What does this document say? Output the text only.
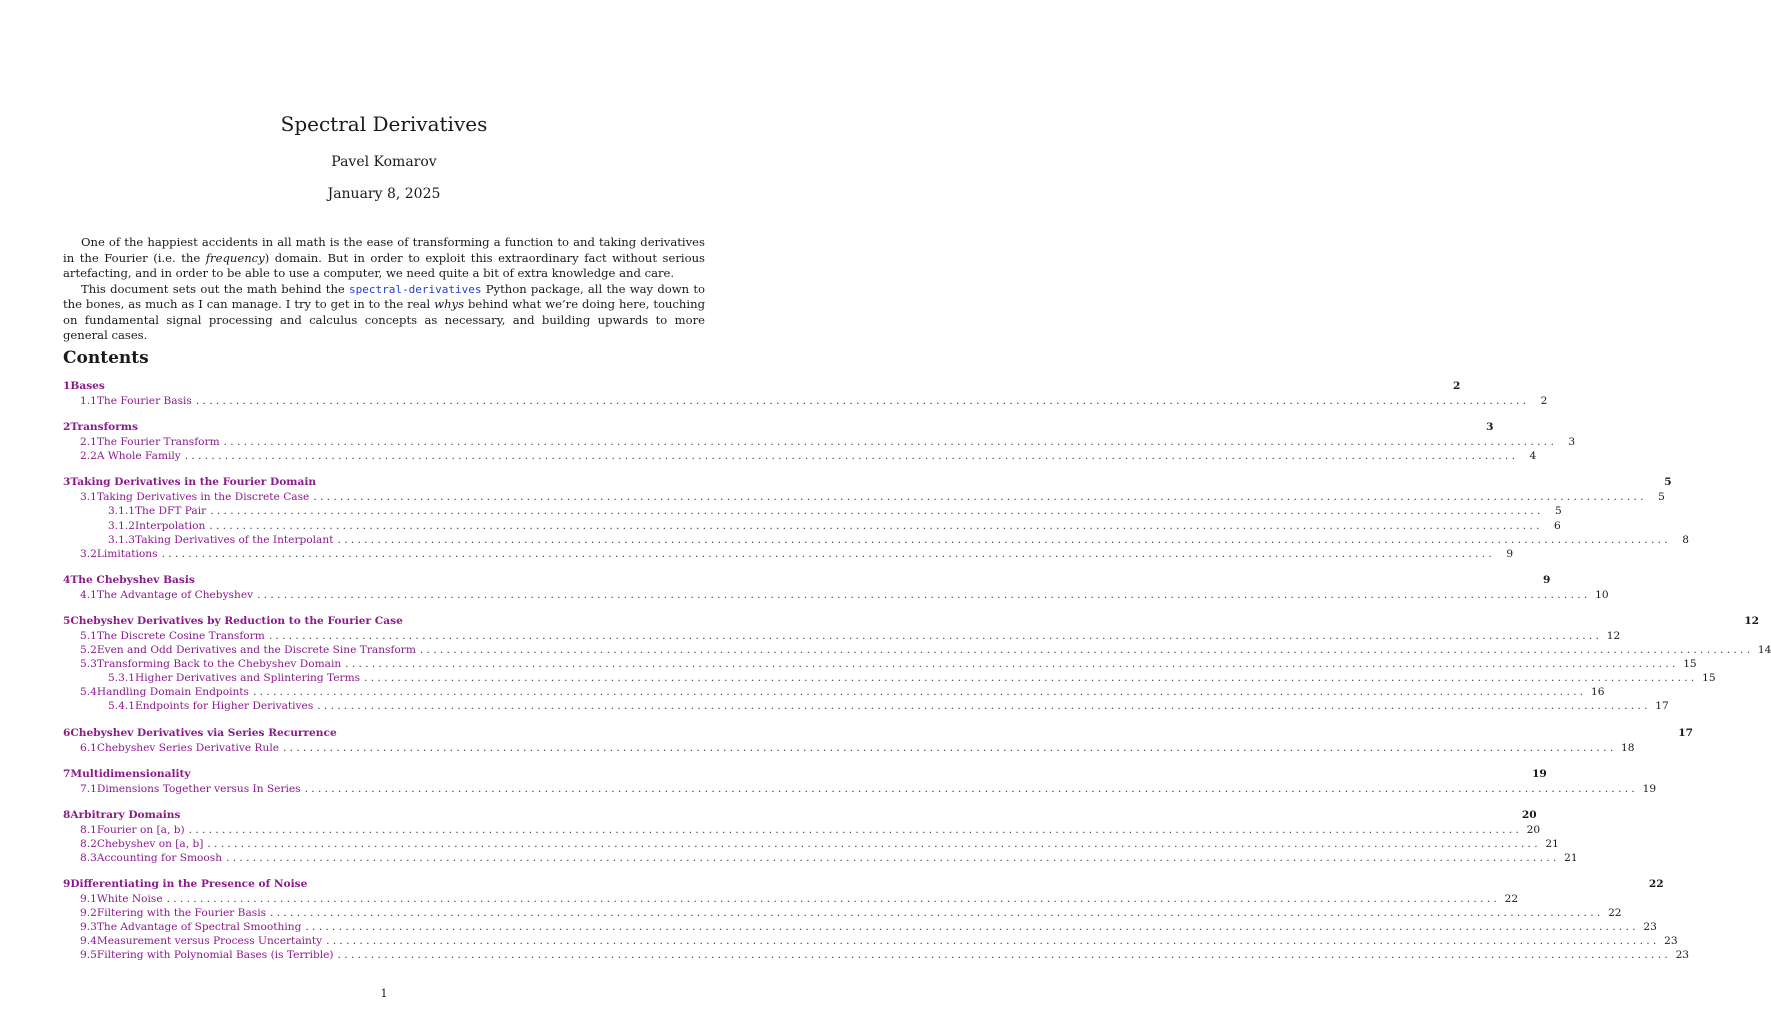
Spectral Derivatives
Pavel Komarov
January 8, 2025

One of the happiest accidents in all math is the ease of transforming a function to and taking derivatives in the Fourier (i.e. the frequency) domain. But in order to exploit this extraordinary fact without serious artefacting, and in order to be able to use a computer, we need quite a bit of extra knowledge and care.

This document sets out the math behind the spectral-derivatives Python package, all the way down to the bones, as much as I can manage. I try to get in to the real whys behind what we’re doing here, touching on fundamental signal processing and calculus concepts as necessary, and building upwards to more general cases.

Contents
1 Bases	2
1.1 The Fourier Basis ........................................................................................................................................................................................................	2
2 Transforms	3
2.1 The Fourier Transform ........................................................................................................................................................................................................	3
2.2 A Whole Family ........................................................................................................................................................................................................	4
3 Taking Derivatives in the Fourier Domain	5
3.1 Taking Derivatives in the Discrete Case ........................................................................................................................................................................................................	5
3.1.1 The DFT Pair ........................................................................................................................................................................................................	5
3.1.2 Interpolation ........................................................................................................................................................................................................	6
3.1.3 Taking Derivatives of the Interpolant ........................................................................................................................................................................................................	8
3.2 Limitations ........................................................................................................................................................................................................	9
4 The Chebyshev Basis	9
4.1 The Advantage of Chebyshev ........................................................................................................................................................................................................ 10
5 Chebyshev Derivatives by Reduction to the Fourier Case	12
5.1 The Discrete Cosine Transform ........................................................................................................................................................................................................ 12
5.2 Even and Odd Derivatives and the Discrete Sine Transform ........................................................................................................................................................................................................ 14
5.3 Transforming Back to the Chebyshev Domain ........................................................................................................................................................................................................ 15
5.3.1 Higher Derivatives and Splintering Terms ........................................................................................................................................................................................................ 15
5.4 Handling Domain Endpoints ........................................................................................................................................................................................................ 16
5.4.1 Endpoints for Higher Derivatives ........................................................................................................................................................................................................ 17
6 Chebyshev Derivatives via Series Recurrence	17
6.1 Chebyshev Series Derivative Rule ........................................................................................................................................................................................................ 18
7 Multidimensionality	19
7.1 Dimensions Together versus In Series ........................................................................................................................................................................................................ 19
8 Arbitrary Domains	20
8.1 Fourier on [a, b) ........................................................................................................................................................................................................ 20
8.2 Chebyshev on [a, b] ........................................................................................................................................................................................................ 21
8.3 Accounting for Smoosh ........................................................................................................................................................................................................ 21
9 Differentiating in the Presence of Noise	22
9.1 White Noise ........................................................................................................................................................................................................ 22
9.2 Filtering with the Fourier Basis ........................................................................................................................................................................................................ 22
9.3 The Advantage of Spectral Smoothing ........................................................................................................................................................................................................ 23
9.4 Measurement versus Process Uncertainty ........................................................................................................................................................................................................ 23
9.5 Filtering with Polynomial Bases (is Terrible) ........................................................................................................................................................................................................ 23
1
